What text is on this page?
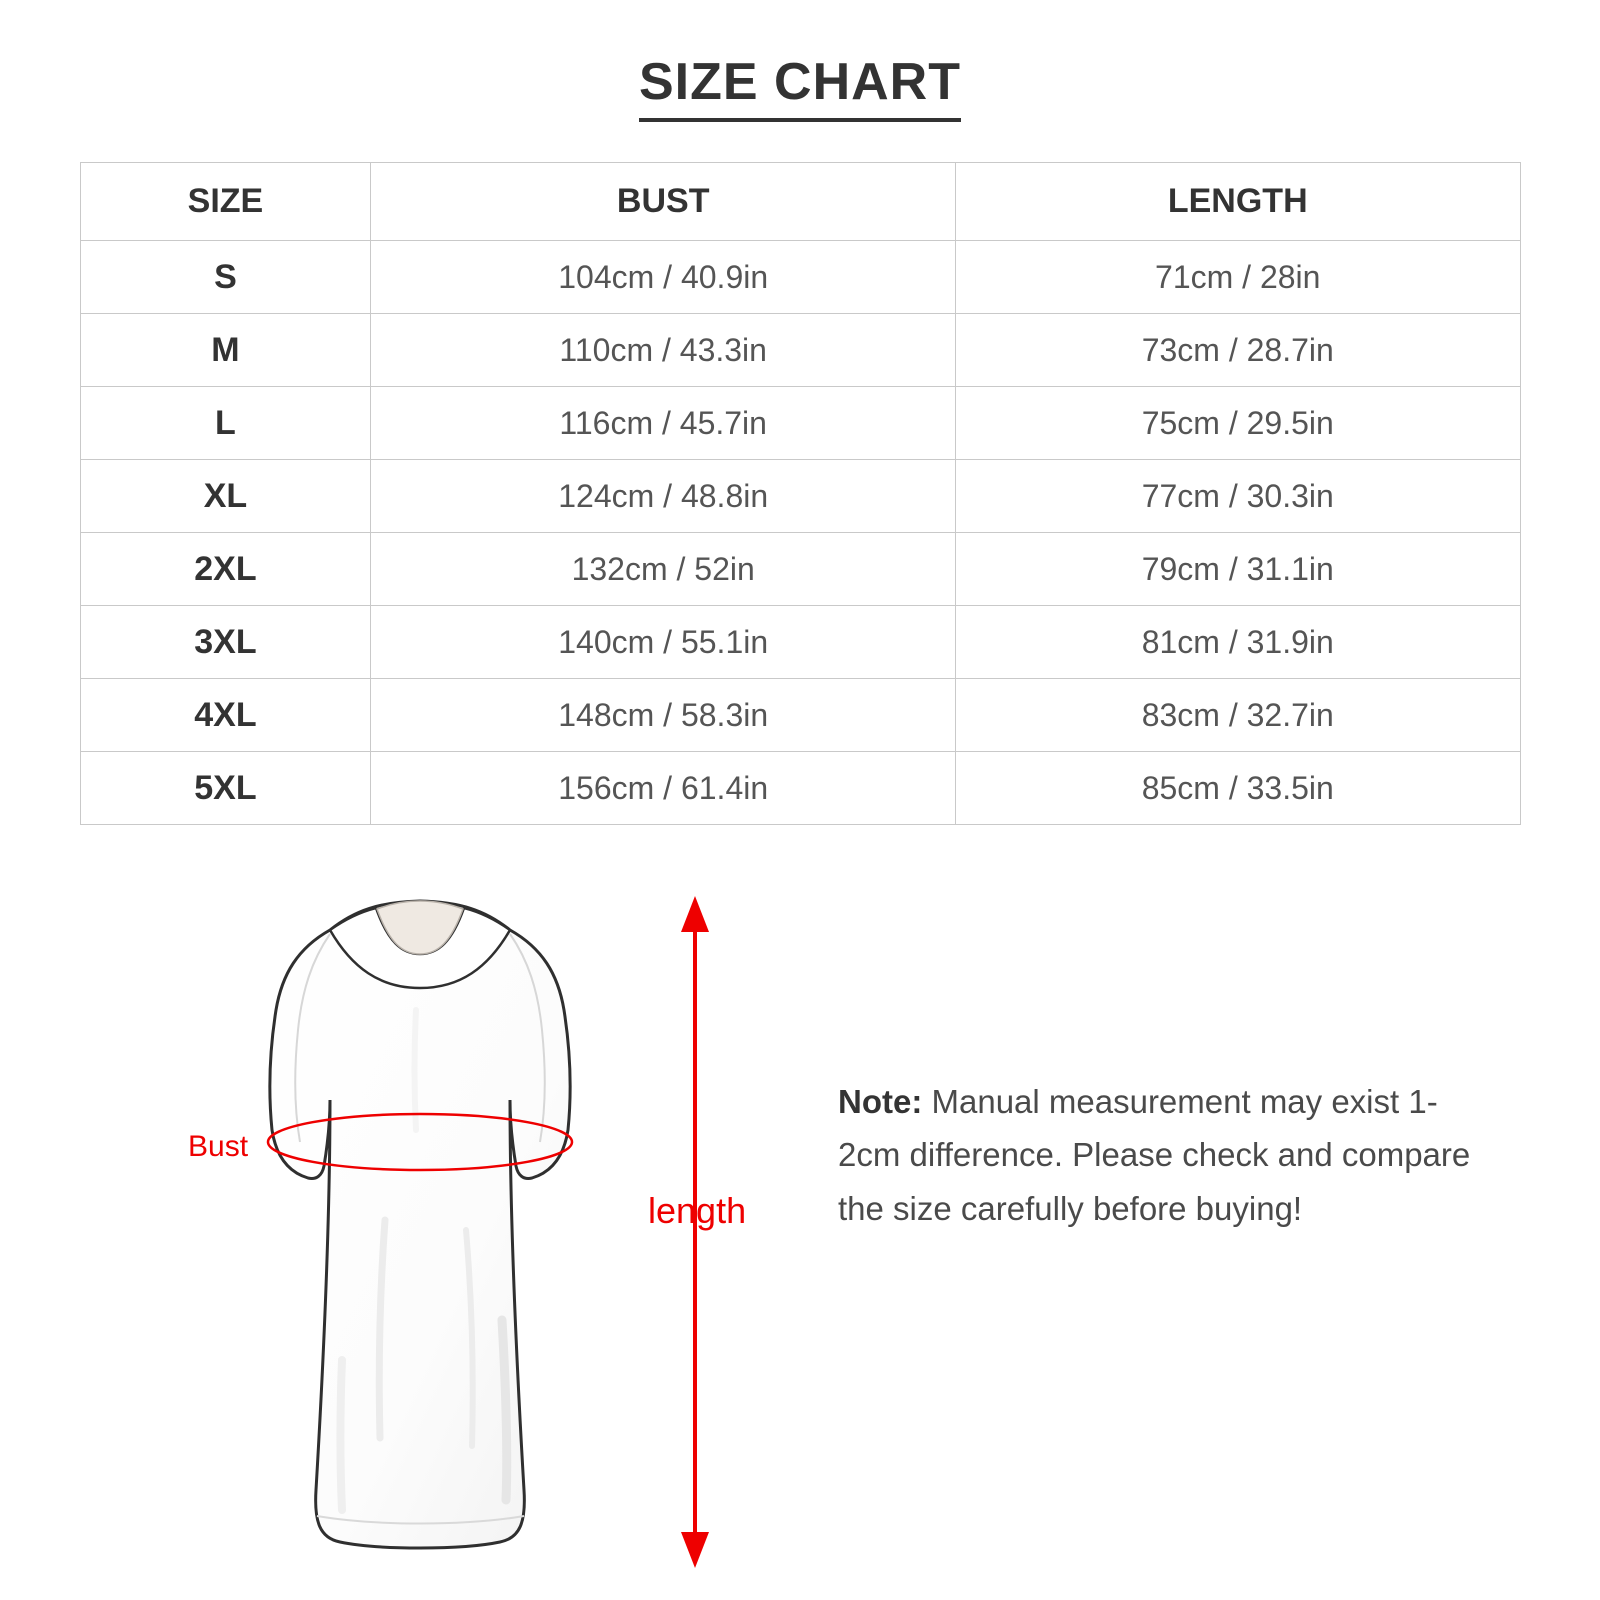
SIZE CHART
SIZE	BUST	LENGTH
S	104cm / 40.9in	71cm / 28in
M	110cm / 43.3in	73cm / 28.7in
L	116cm / 45.7in	75cm / 29.5in
XL	124cm / 48.8in	77cm / 30.3in
2XL	132cm / 52in	79cm / 31.1in
3XL	140cm / 55.1in	81cm / 31.9in
4XL	148cm / 58.3in	83cm / 32.7in
5XL	156cm / 61.4in	85cm / 33.5in
Bust
length
Note: Manual measurement may exist 1-2cm difference. Please check and compare the size carefully before buying!
